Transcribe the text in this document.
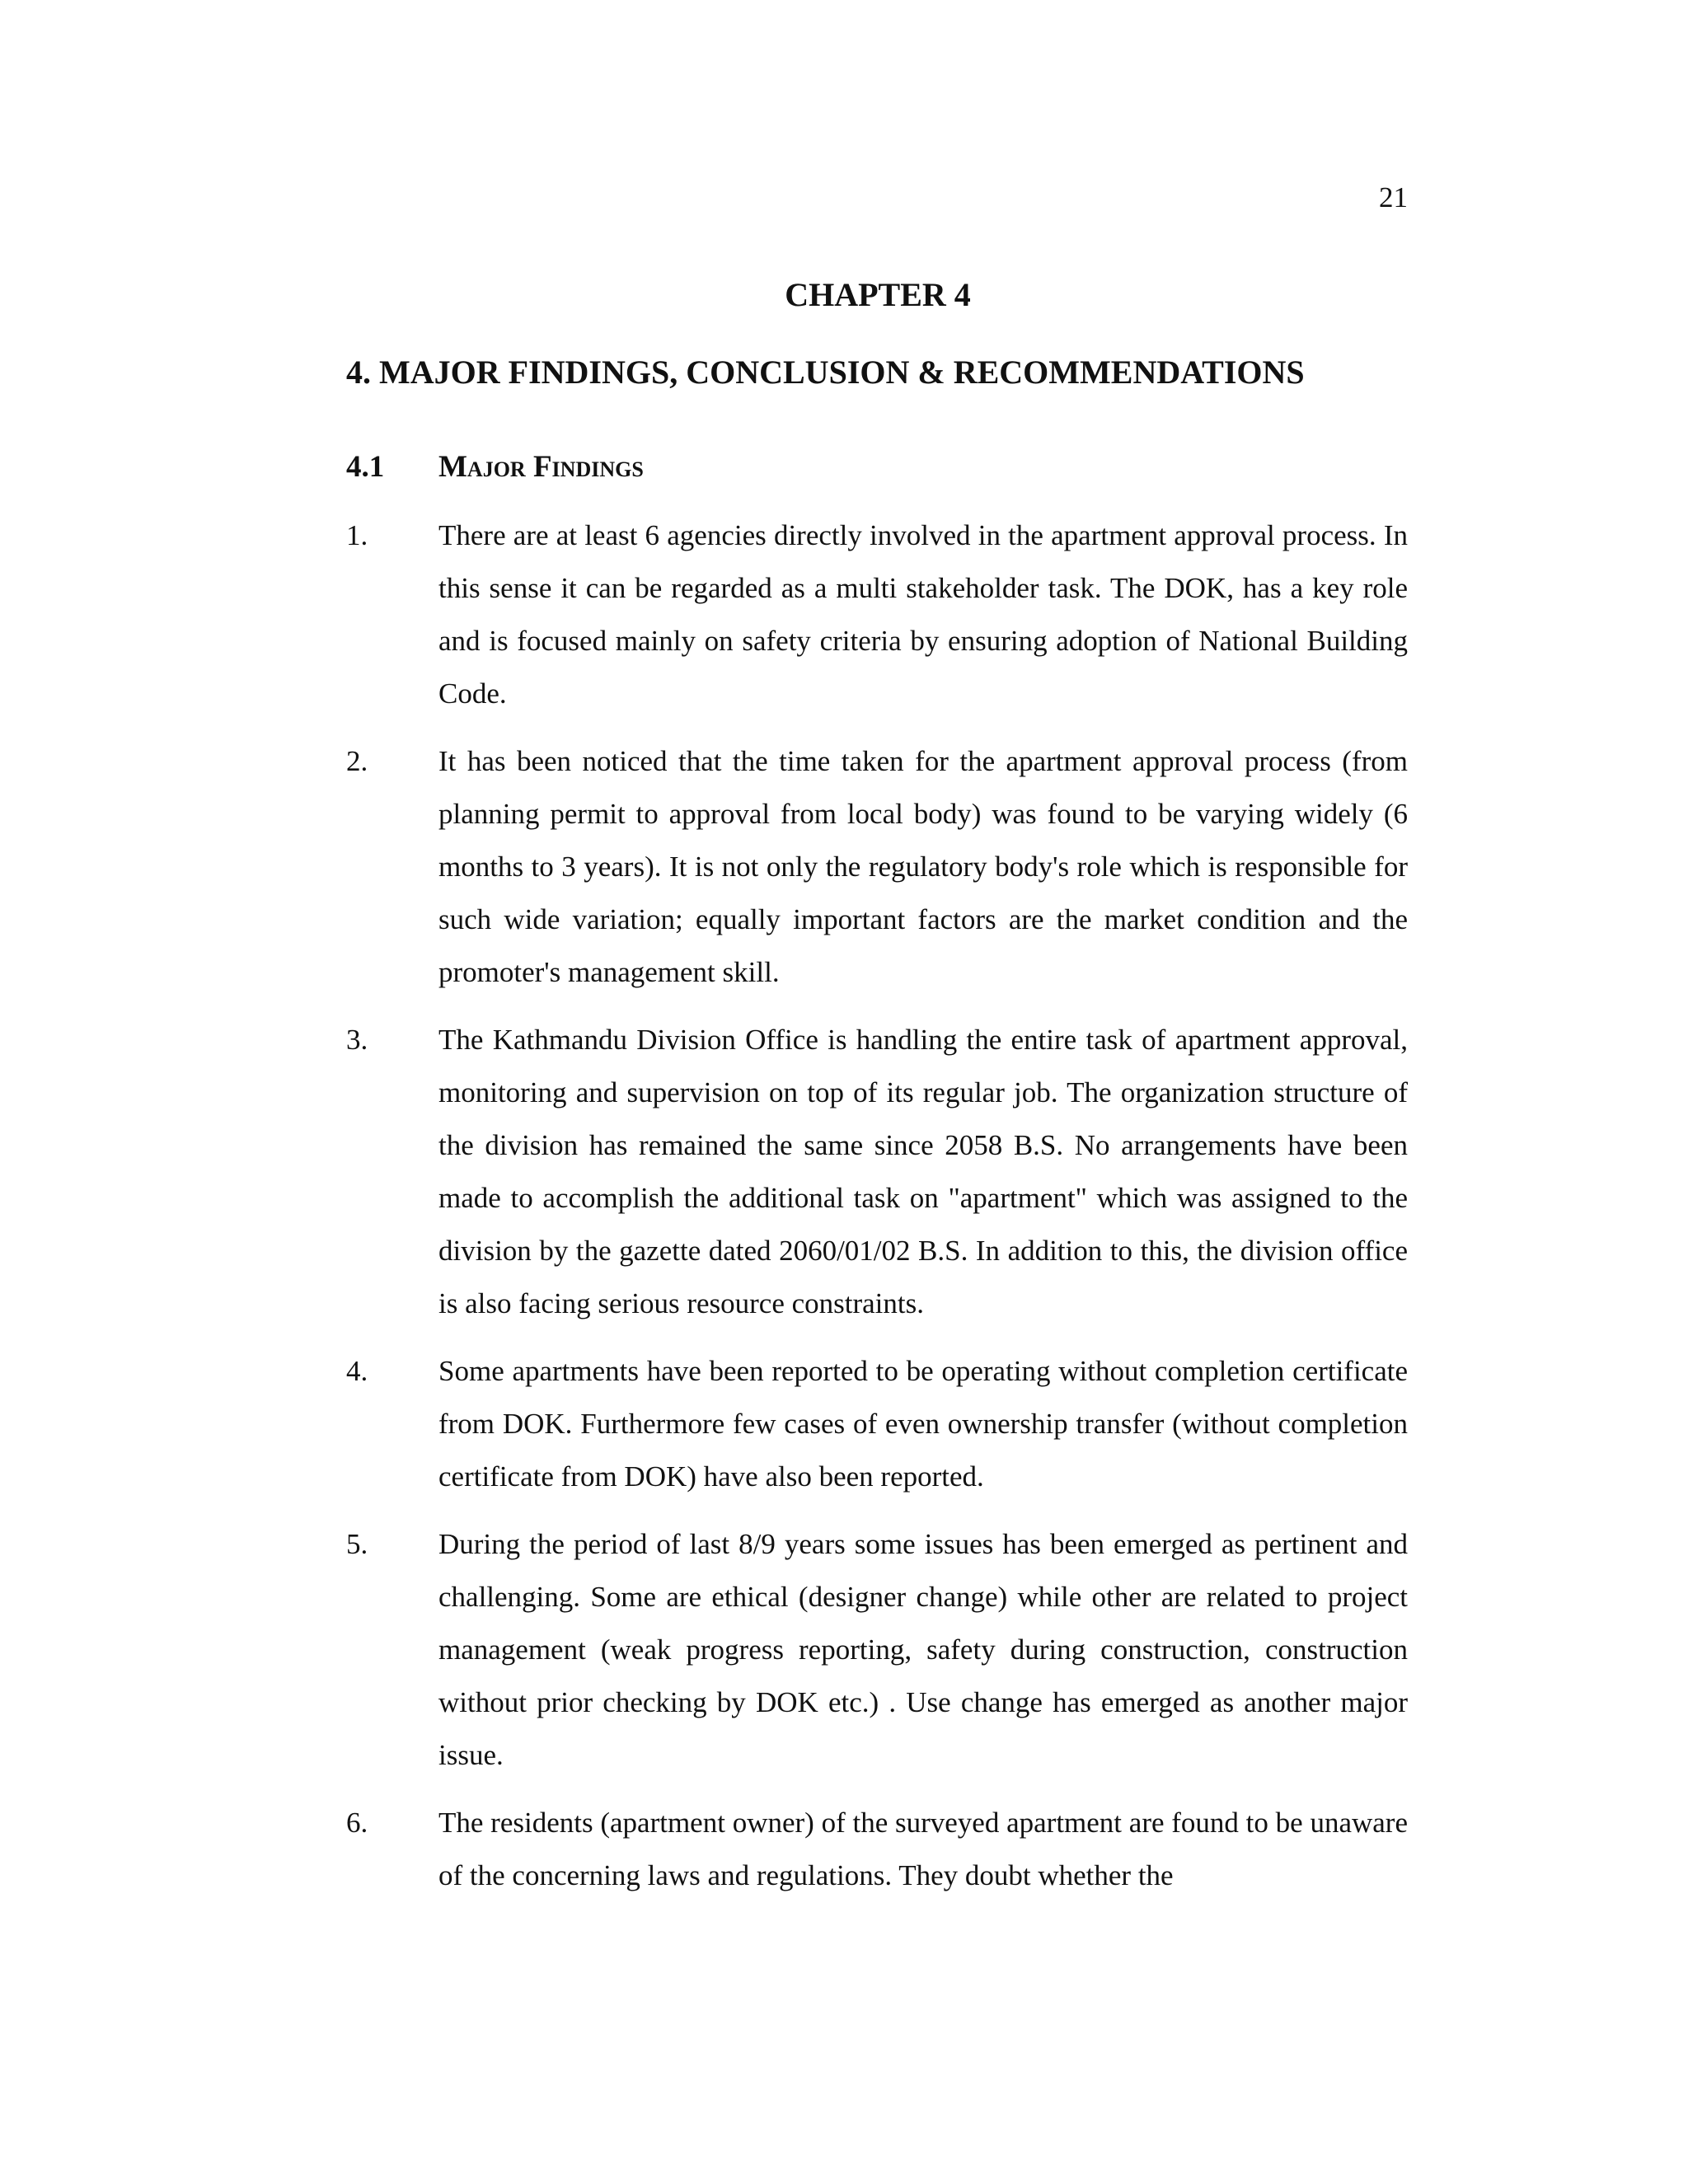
21
CHAPTER 4
4. MAJOR FINDINGS, CONCLUSION & RECOMMENDATIONS
4.1 Major Findings
1. There are at least 6 agencies directly involved in the apartment approval process. In this sense it can be regarded as a multi stakeholder task. The DOK, has a key role and is focused mainly on safety criteria by ensuring adoption of National Building Code.

2. It has been noticed that the time taken for the apartment approval process (from planning permit to approval from local body) was found to be varying widely (6 months to 3 years). It is not only the regulatory body's role which is responsible for such wide variation; equally important factors are the market condition and the promoter's management skill.

3. The Kathmandu Division Office is handling the entire task of apartment approval, monitoring and supervision on top of its regular job. The organization structure of the division has remained the same since 2058 B.S. No arrangements have been made to accomplish the additional task on "apartment" which was assigned to the division by the gazette dated 2060/01/02 B.S. In addition to this, the division office is also facing serious resource constraints.

4. Some apartments have been reported to be operating without completion certificate from DOK. Furthermore few cases of even ownership transfer (without completion certificate from DOK) have also been reported.

5. During the period of last 8/9 years some issues has been emerged as pertinent and challenging. Some are ethical (designer change) while other are related to project management (weak progress reporting, safety during construction, construction without prior checking by DOK etc.) . Use change has emerged as another major issue.

6. The residents (apartment owner) of the surveyed apartment are found to be unaware of the concerning laws and regulations. They doubt whether the
